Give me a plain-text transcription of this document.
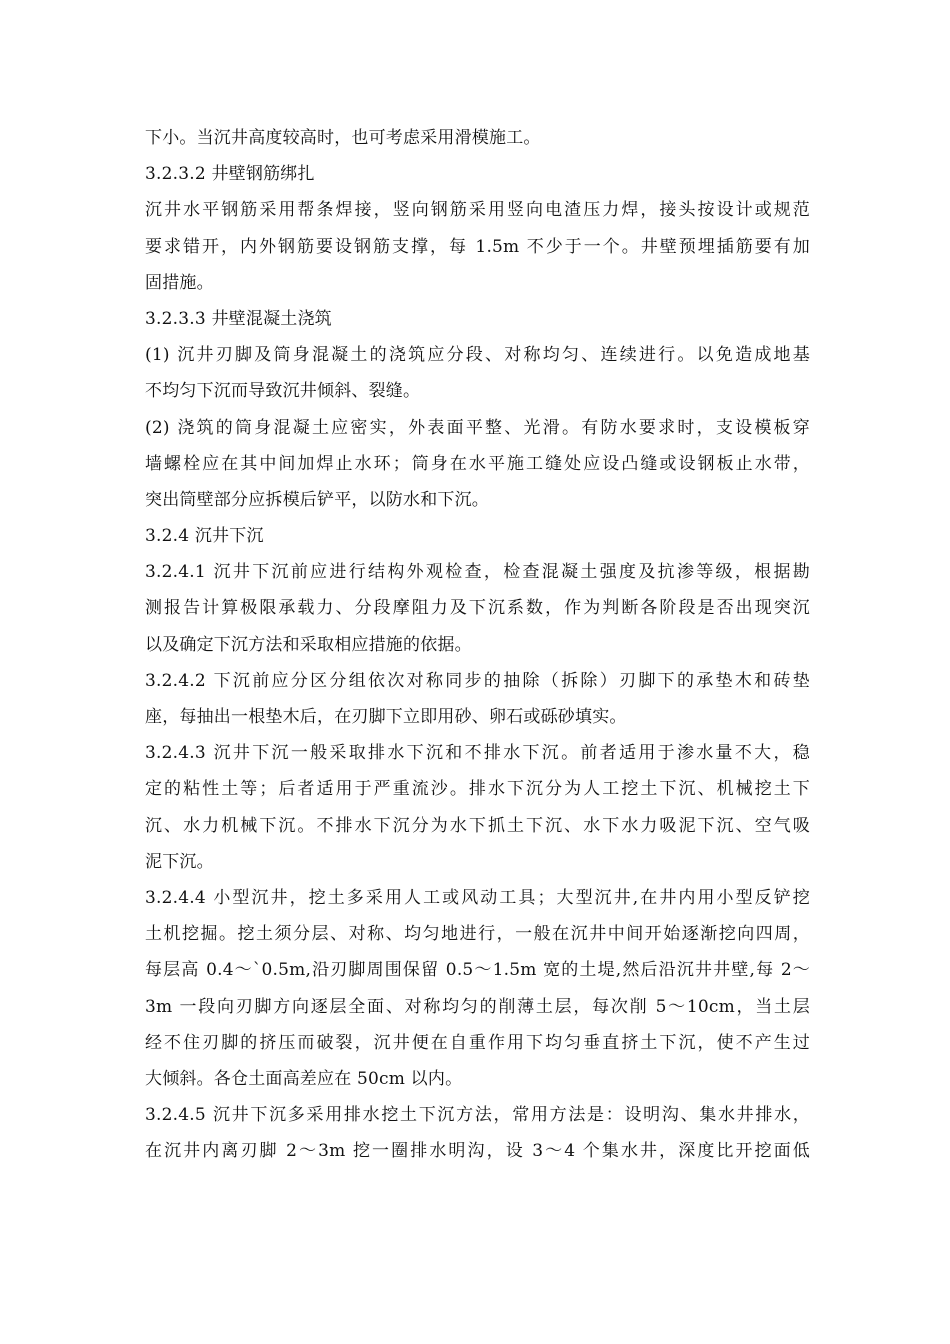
下小。当沉井高度较高时，也可考虑采用滑模施工。
3.2.3.2 井壁钢筋绑扎
沉井水平钢筋采用帮条焊接，竖向钢筋采用竖向电渣压力焊，接头按设计或规范
要求错开，内外钢筋要设钢筋支撑，每 1.5m 不少于一个。井壁预埋插筋要有加
固措施。
3.2.3.3 井壁混凝土浇筑
(1) 沉井刃脚及筒身混凝土的浇筑应分段、对称均匀、连续进行。以免造成地基
不均匀下沉而导致沉井倾斜、裂缝。
(2) 浇筑的筒身混凝土应密实，外表面平整、光滑。有防水要求时，支设模板穿
墙螺栓应在其中间加焊止水环；筒身在水平施工缝处应设凸缝或设钢板止水带，
突出筒壁部分应拆模后铲平，以防水和下沉。
3.2.4 沉井下沉
3.2.4.1 沉井下沉前应进行结构外观检查，检查混凝土强度及抗渗等级，根据勘
测报告计算极限承载力、分段摩阻力及下沉系数，作为判断各阶段是否出现突沉
以及确定下沉方法和采取相应措施的依据。
3.2.4.2 下沉前应分区分组依次对称同步的抽除（拆除）刃脚下的承垫木和砖垫
座，每抽出一根垫木后，在刃脚下立即用砂、卵石或砾砂填实。
3.2.4.3 沉井下沉一般采取排水下沉和不排水下沉。前者适用于渗水量不大，稳
定的粘性土等；后者适用于严重流沙。排水下沉分为人工挖土下沉、机械挖土下
沉、水力机械下沉。不排水下沉分为水下抓土下沉、水下水力吸泥下沉、空气吸
泥下沉。
3.2.4.4 小型沉井，挖土多采用人工或风动工具；大型沉井,在井内用小型反铲挖
土机挖掘。挖土须分层、对称、均匀地进行，一般在沉井中间开始逐渐挖向四周，
每层高 0.4～`0.5m,沿刃脚周围保留 0.5～1.5m 宽的土堤,然后沿沉井井壁,每 2～
3m 一段向刃脚方向逐层全面、对称均匀的削薄土层，每次削 5～10cm，当土层
经不住刃脚的挤压而破裂，沉井便在自重作用下均匀垂直挤土下沉，使不产生过
大倾斜。各仓土面高差应在 50cm 以内。
3.2.4.5 沉井下沉多采用排水挖土下沉方法，常用方法是：设明沟、集水井排水，
在沉井内离刃脚 2～3m 挖一圈排水明沟，设 3～4 个集水井，深度比开挖面低
